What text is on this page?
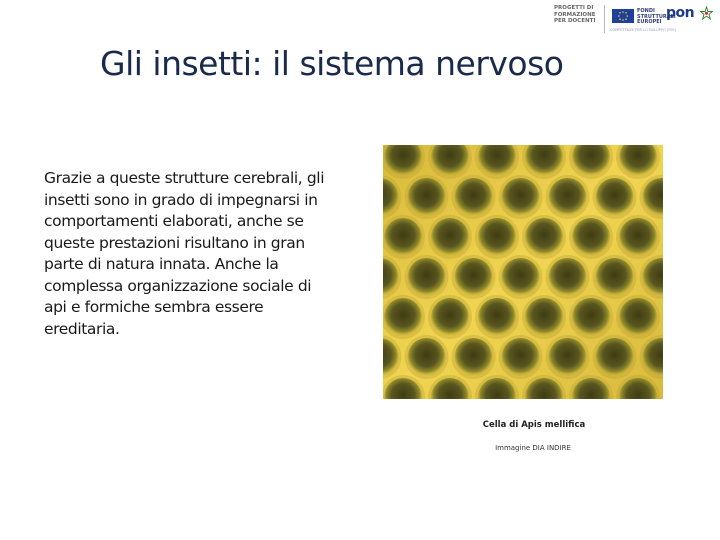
PROGETTI DI
FORMAZIONE
PER DOCENTI
FONDI
STRUTTURALI
EUROPEI
pon
COMPETENZE PER LO SVILUPPO (FSE)
Gli insetti: il sistema nervoso

Grazie a queste strutture cerebrali, gli insetti sono in grado di impegnarsi in comportamenti elaborati, anche se queste prestazioni risultano in gran parte di natura innata. Anche la complessa organizzazione sociale di api e formiche sembra essere ereditaria.

Cella di Apis mellifica
Immagine DIA INDIRE
